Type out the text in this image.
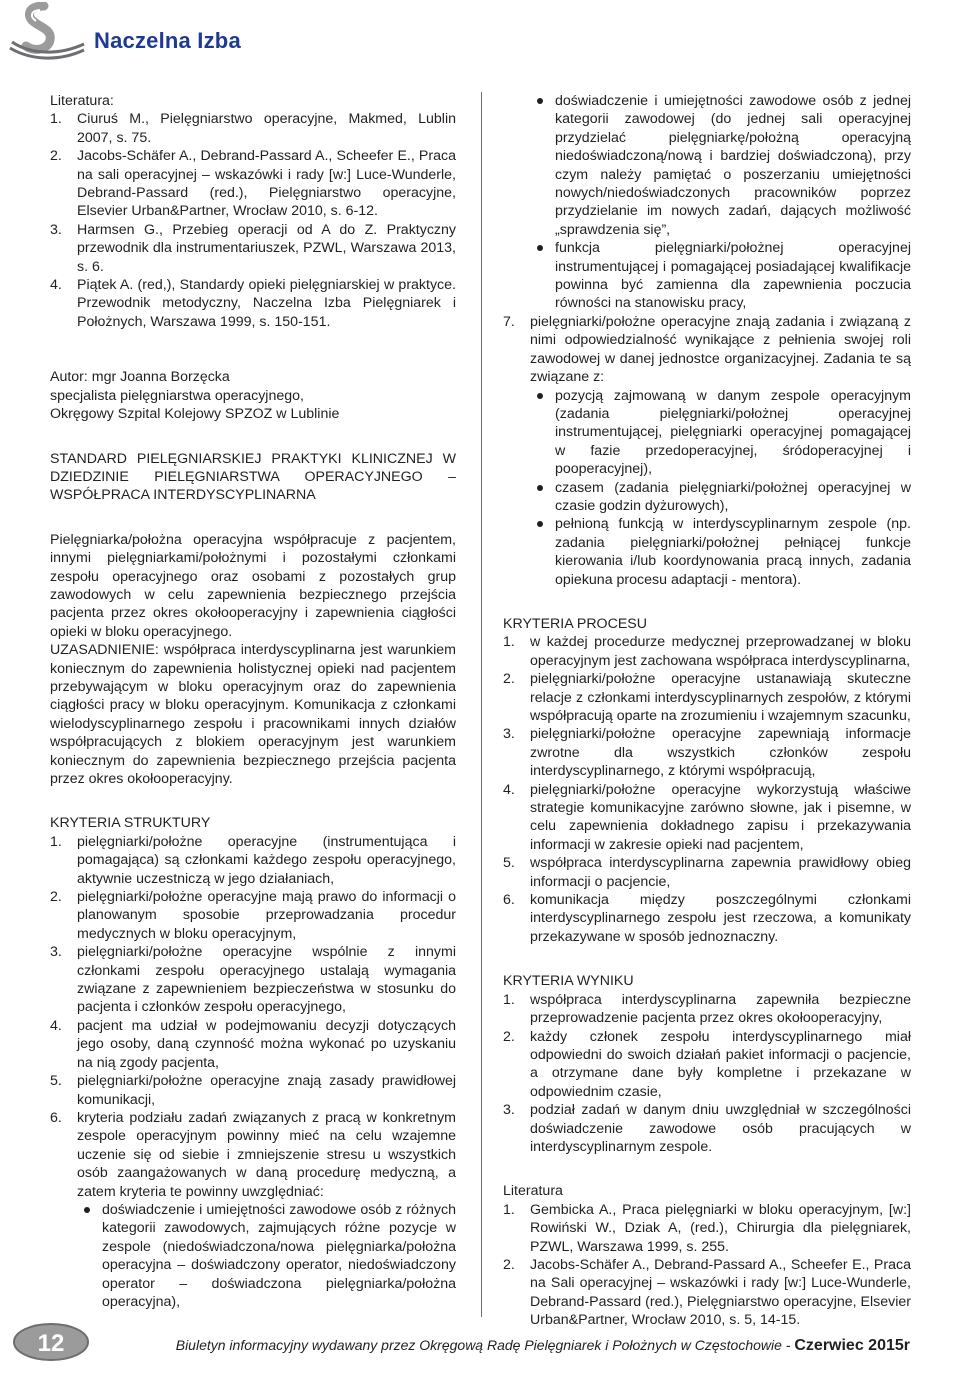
Naczelna Izba

Literatura:

1. Ciuruś M., Pielęgniarstwo operacyjne, Makmed, Lublin 2007, s. 75.
2. Jacobs-Schäfer A., Debrand-Passard A., Scheefer E., Praca na sali operacyjnej – wskazówki i rady [w:] Luce-Wunderle, Debrand-Passard (red.), Pielęgniarstwo operacyjne, Elsevier Urban&Partner, Wrocław 2010, s. 6-12.
3. Harmsen G., Przebieg operacji od A do Z. Praktyczny przewodnik dla instrumentariuszek, PZWL, Warszawa 2013, s. 6.
4. Piątek A. (red,), Standardy opieki pielęgniarskiej w praktyce. Przewodnik metodyczny, Naczelna Izba Pielęgniarek i Położnych, Warszawa 1999, s. 150-151.

Autor: mgr Joanna Borzęcka

specjalista pielęgniarstwa operacyjnego,

Okręgowy Szpital Kolejowy SPZOZ w Lublinie

STANDARD PIELĘGNIARSKIEJ PRAKTYKI KLINICZNEJ W DZIEDZINIE PIELĘGNIARSTWA OPERACYJNEGO – WSPÓŁPRACA INTERDYSCYPLINARNA

Pielęgniarka/położna operacyjna współpracuje z pacjentem, innymi pielęgniarkami/położnymi i pozostałymi członkami zespołu operacyjnego oraz osobami z pozostałych grup zawodowych w celu zapewnienia bezpiecznego przejścia pacjenta przez okres okołooperacyjny i zapewnienia ciągłości opieki w bloku operacyjnego.

UZASADNIENIE: współpraca interdyscyplinarna jest warunkiem koniecznym do zapewnienia holistycznej opieki nad pacjentem przebywającym w bloku operacyjnym oraz do zapewnienia ciągłości pracy w bloku operacyjnym. Komunikacja z członkami wielodyscyplinarnego zespołu i pracownikami innych działów współpracujących z blokiem operacyjnym jest warunkiem koniecznym do zapewnienia bezpiecznego przejścia pacjenta przez okres okołooperacyjny.

KRYTERIA STRUKTURY

1. pielęgniarki/położne operacyjne (instrumentująca i pomagająca) są członkami każdego zespołu operacyjnego, aktywnie uczestniczą w jego działaniach,
2. pielęgniarki/położne operacyjne mają prawo do informacji o planowanym sposobie przeprowadzania procedur medycznych w bloku operacyjnym,
3. pielęgniarki/położne operacyjne wspólnie z innymi członkami zespołu operacyjnego ustalają wymagania związane z zapewnieniem bezpieczeństwa w stosunku do pacjenta i członków zespołu operacyjnego,
4. pacjent ma udział w podejmowaniu decyzji dotyczących jego osoby, daną czynność można wykonać po uzyskaniu na nią zgody pacjenta,
5. pielęgniarki/położne operacyjne znają zasady prawidłowej komunikacji,
6. kryteria podziału zadań związanych z pracą w konkretnym zespole operacyjnym powinny mieć na celu wzajemne uczenie się od siebie i zmniejszenie stresu u wszystkich osób zaangażowanych w daną procedurę medyczną, a zatem kryteria te powinny uwzględniać:
doświadczenie i umiejętności zawodowe osób z różnych kategorii zawodowych, zajmujących różne pozycje w zespole (niedoświadczona/nowa pielęgniarka/położna operacyjna – doświadczony operator, niedoświadczony operator – doświadczona pielęgniarka/położna operacyjna),
doświadczenie i umiejętności zawodowe osób z jednej kategorii zawodowej (do jednej sali operacyjnej przydzielać pielęgniarkę/położną operacyjną niedoświadczoną/nową i bardziej doświadczoną), przy czym należy pamiętać o poszerzaniu umiejętności nowych/niedoświadczonych pracowników poprzez przydzielanie im nowych zadań, dających możliwość „sprawdzenia się”,
funkcja pielęgniarki/położnej operacyjnej instrumentującej i pomagającej posiadającej kwalifikacje powinna być zamienna dla zapewnienia poczucia równości na stanowisku pracy,
7. pielęgniarki/położne operacyjne znają zadania i związaną z nimi odpowiedzialność wynikające z pełnienia swojej roli zawodowej w danej jednostce organizacyjnej. Zadania te są związane z:
pozycją zajmowaną w danym zespole operacyjnym (zadania pielęgniarki/położnej operacyjnej instrumentującej, pielęgniarki operacyjnej pomagającej w fazie przedoperacyjnej, śródoperacyjnej i pooperacyjnej),
czasem (zadania pielęgniarki/położnej operacyjnej w czasie godzin dyżurowych),
pełnioną funkcją w interdyscyplinarnym zespole (np. zadania pielęgniarki/położnej pełniącej funkcje kierowania i/lub koordynowania pracą innych, zadania opiekuna procesu adaptacji - mentora).

KRYTERIA PROCESU

1. w każdej procedurze medycznej przeprowadzanej w bloku operacyjnym jest zachowana współpraca interdyscyplinarna,
2. pielęgniarki/położne operacyjne ustanawiają skuteczne relacje z członkami interdyscyplinarnych zespołów, z którymi współpracują oparte na zrozumieniu i wzajemnym szacunku,
3. pielęgniarki/położne operacyjne zapewniają informacje zwrotne dla wszystkich członków zespołu interdyscyplinarnego, z którymi współpracują,
4. pielęgniarki/położne operacyjne wykorzystują właściwe strategie komunikacyjne zarówno słowne, jak i pisemne, w celu zapewnienia dokładnego zapisu i przekazywania informacji w zakresie opieki nad pacjentem,
5. współpraca interdyscyplinarna zapewnia prawidłowy obieg informacji o pacjencie,
6. komunikacja między poszczególnymi członkami interdyscyplinarnego zespołu jest rzeczowa, a komunikaty przekazywane w sposób jednoznaczny.

KRYTERIA WYNIKU

1. współpraca interdyscyplinarna zapewniła bezpieczne przeprowadzenie pacjenta przez okres okołooperacyjny,
2. każdy członek zespołu interdyscyplinarnego miał odpowiedni do swoich działań pakiet informacji o pacjencie, a otrzymane dane były kompletne i przekazane w odpowiednim czasie,
3. podział zadań w danym dniu uwzględniał w szczególności doświadczenie zawodowe osób pracujących w interdyscyplinarnym zespole.

Literatura

1. Gembicka A., Praca pielęgniarki w bloku operacyjnym, [w:] Rowiński W., Dziak A, (red.), Chirurgia dla pielęgniarek, PZWL, Warszawa 1999, s. 255.
2. Jacobs-Schäfer A., Debrand-Passard A., Scheefer E., Praca na Sali operacyjnej – wskazówki i rady [w:] Luce-Wunderle, Debrand-Passard (red.), Pielęgniarstwo operacyjne, Elsevier Urban&Partner, Wrocław 2010, s. 5, 14-15.
12	Biuletyn informacyjny wydawany przez Okręgową Radę Pielęgniarek i Położnych w Częstochowie - Czerwiec 2015r
